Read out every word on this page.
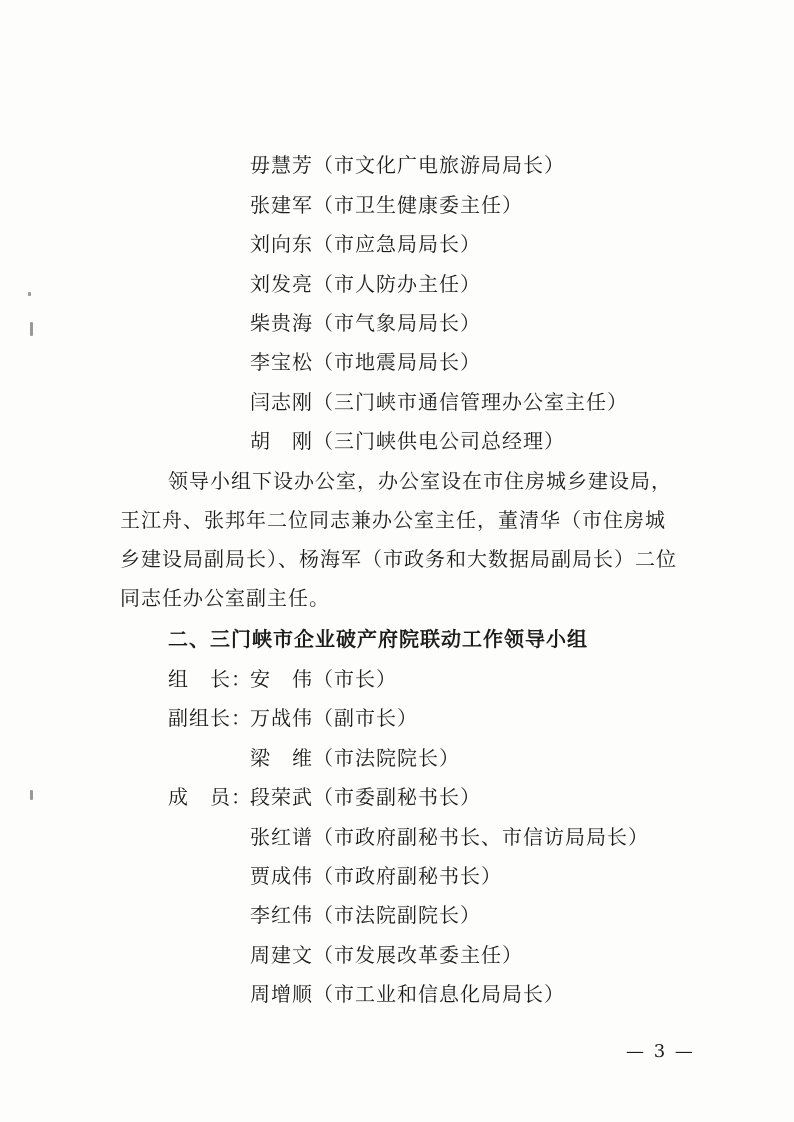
毋慧芳（市文化广电旅游局局长）
张建军（市卫生健康委主任）
刘向东（市应急局局长）
刘发亮（市人防办主任）
柴贵海（市气象局局长）
李宝松（市地震局局长）
闫志刚（三门峡市通信管理办公室主任）
胡　刚（三门峡供电公司总经理）
领导小组下设办公室，办公室设在市住房城乡建设局，王江舟、张邦年二位同志兼办公室主任，董清华（市住房城乡建设局副局长）、杨海军（市政务和大数据局副局长）二位同志任办公室副主任。
二、三门峡市企业破产府院联动工作领导小组
组　长：
安　伟（市长）
副组长：
万战伟（副市长）
梁　维（市法院院长）
成　员：
段荣武（市委副秘书长）
张红谱（市政府副秘书长、市信访局局长）
贾成伟（市政府副秘书长）
李红伟（市法院副院长）
周建文（市发展改革委主任）
周增顺（市工业和信息化局局长）
— 3 —
